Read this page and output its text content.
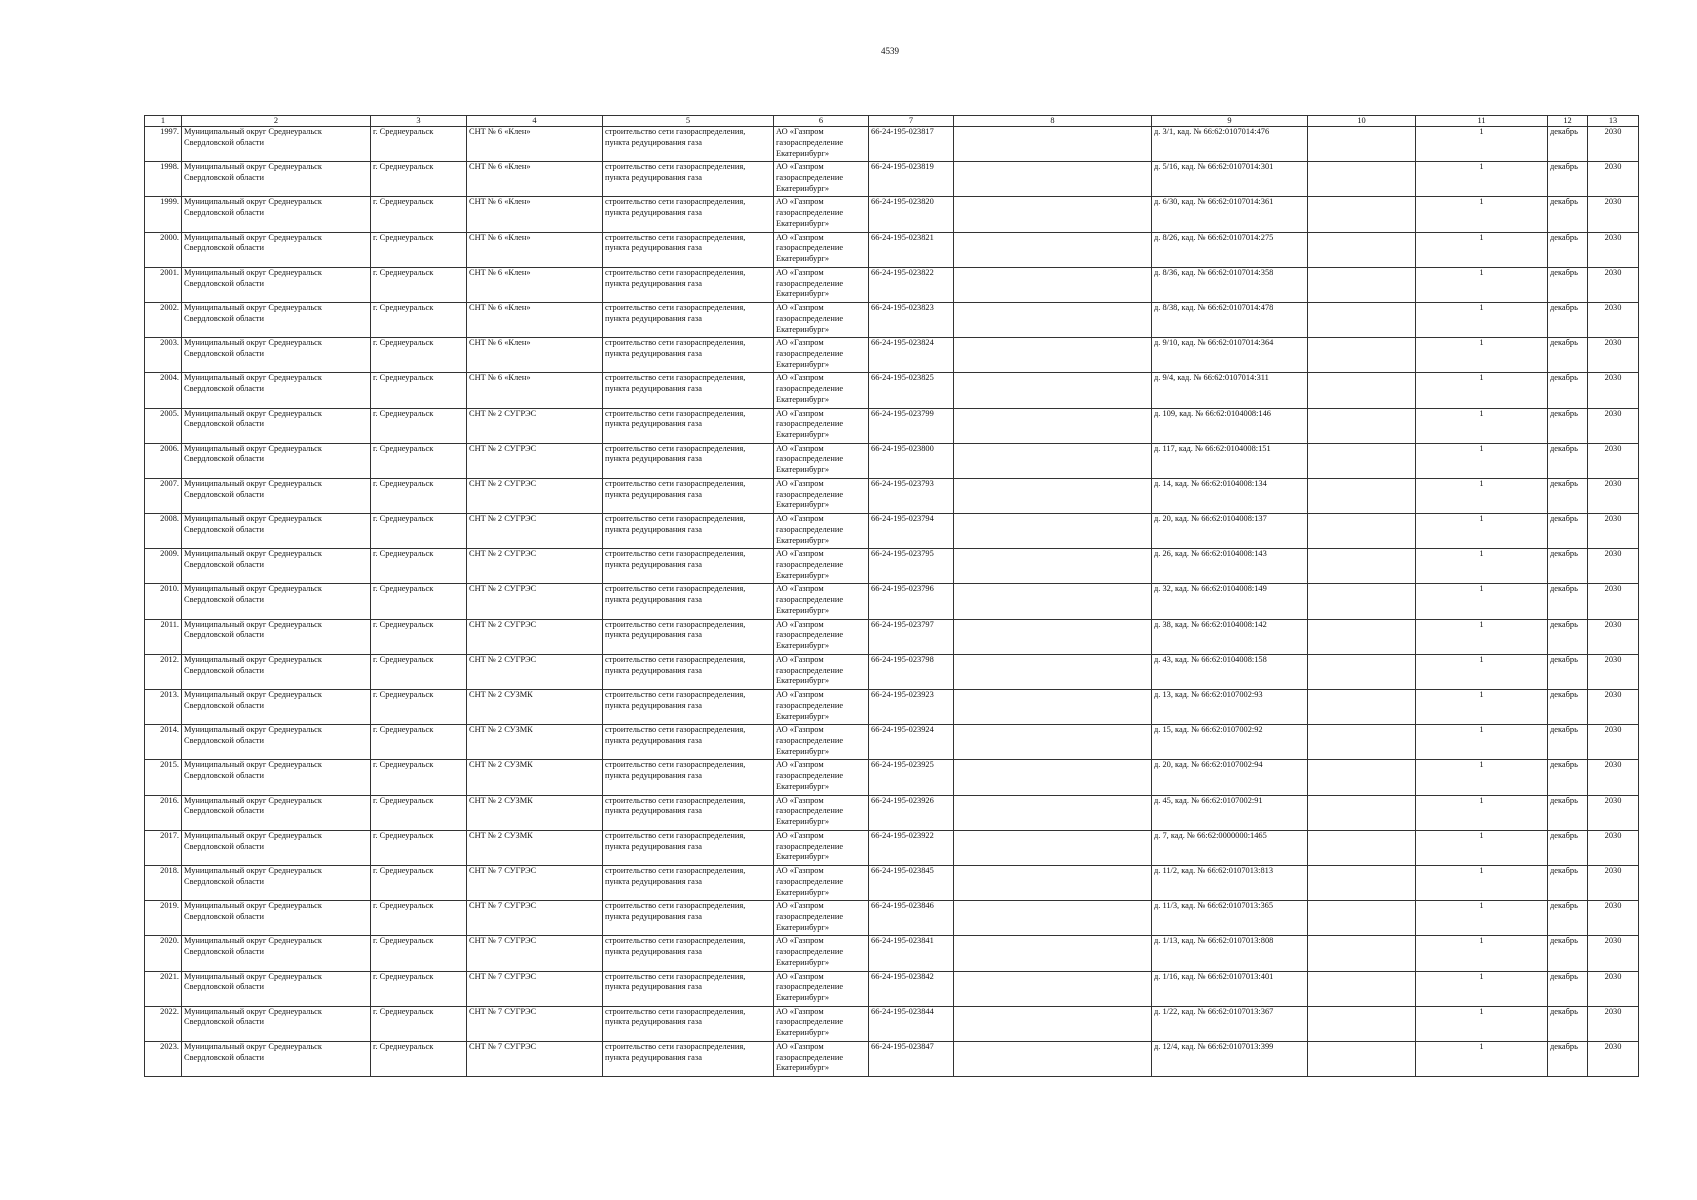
4539
1	2	3	4	5	6	7	8	9	10	11	12	13
1997.	Муниципальный округ Среднеуральск Свердловской области	г. Среднеуральск	СНТ № 6 «Клен»	строительство сети газораспределения, пункта редуцирования газа	АО «Газпром газораспределение Екатеринбург»	66-24-195-023817		д. 3/1, кад. № 66:62:0107014:476		1	декабрь	2030
1998.	Муниципальный округ Среднеуральск Свердловской области	г. Среднеуральск	СНТ № 6 «Клен»	строительство сети газораспределения, пункта редуцирования газа	АО «Газпром газораспределение Екатеринбург»	66-24-195-023819		д. 5/16, кад. № 66:62:0107014:301		1	декабрь	2030
1999.	Муниципальный округ Среднеуральск Свердловской области	г. Среднеуральск	СНТ № 6 «Клен»	строительство сети газораспределения, пункта редуцирования газа	АО «Газпром газораспределение Екатеринбург»	66-24-195-023820		д. 6/30, кад. № 66:62:0107014:361		1	декабрь	2030
2000.	Муниципальный округ Среднеуральск Свердловской области	г. Среднеуральск	СНТ № 6 «Клен»	строительство сети газораспределения, пункта редуцирования газа	АО «Газпром газораспределение Екатеринбург»	66-24-195-023821		д. 8/26, кад. № 66:62:0107014:275		1	декабрь	2030
2001.	Муниципальный округ Среднеуральск Свердловской области	г. Среднеуральск	СНТ № 6 «Клен»	строительство сети газораспределения, пункта редуцирования газа	АО «Газпром газораспределение Екатеринбург»	66-24-195-023822		д. 8/36, кад. № 66:62:0107014:358		1	декабрь	2030
2002.	Муниципальный округ Среднеуральск Свердловской области	г. Среднеуральск	СНТ № 6 «Клен»	строительство сети газораспределения, пункта редуцирования газа	АО «Газпром газораспределение Екатеринбург»	66-24-195-023823		д. 8/38, кад. № 66:62:0107014:478		1	декабрь	2030
2003.	Муниципальный округ Среднеуральск Свердловской области	г. Среднеуральск	СНТ № 6 «Клен»	строительство сети газораспределения, пункта редуцирования газа	АО «Газпром газораспределение Екатеринбург»	66-24-195-023824		д. 9/10, кад. № 66:62:0107014:364		1	декабрь	2030
2004.	Муниципальный округ Среднеуральск Свердловской области	г. Среднеуральск	СНТ № 6 «Клен»	строительство сети газораспределения, пункта редуцирования газа	АО «Газпром газораспределение Екатеринбург»	66-24-195-023825		д. 9/4, кад. № 66:62:0107014:311		1	декабрь	2030
2005.	Муниципальный округ Среднеуральск Свердловской области	г. Среднеуральск	СНТ № 2 СУГРЭС	строительство сети газораспределения, пункта редуцирования газа	АО «Газпром газораспределение Екатеринбург»	66-24-195-023799		д. 109, кад. № 66:62:0104008:146		1	декабрь	2030
2006.	Муниципальный округ Среднеуральск Свердловской области	г. Среднеуральск	СНТ № 2 СУГРЭС	строительство сети газораспределения, пункта редуцирования газа	АО «Газпром газораспределение Екатеринбург»	66-24-195-023800		д. 117, кад. № 66:62:0104008:151		1	декабрь	2030
2007.	Муниципальный округ Среднеуральск Свердловской области	г. Среднеуральск	СНТ № 2 СУГРЭС	строительство сети газораспределения, пункта редуцирования газа	АО «Газпром газораспределение Екатеринбург»	66-24-195-023793		д. 14, кад. № 66:62:0104008:134		1	декабрь	2030
2008.	Муниципальный округ Среднеуральск Свердловской области	г. Среднеуральск	СНТ № 2 СУГРЭС	строительство сети газораспределения, пункта редуцирования газа	АО «Газпром газораспределение Екатеринбург»	66-24-195-023794		д. 20, кад. № 66:62:0104008:137		1	декабрь	2030
2009.	Муниципальный округ Среднеуральск Свердловской области	г. Среднеуральск	СНТ № 2 СУГРЭС	строительство сети газораспределения, пункта редуцирования газа	АО «Газпром газораспределение Екатеринбург»	66-24-195-023795		д. 26, кад. № 66:62:0104008:143		1	декабрь	2030
2010.	Муниципальный округ Среднеуральск Свердловской области	г. Среднеуральск	СНТ № 2 СУГРЭС	строительство сети газораспределения, пункта редуцирования газа	АО «Газпром газораспределение Екатеринбург»	66-24-195-023796		д. 32, кад. № 66:62:0104008:149		1	декабрь	2030
2011.	Муниципальный округ Среднеуральск Свердловской области	г. Среднеуральск	СНТ № 2 СУГРЭС	строительство сети газораспределения, пункта редуцирования газа	АО «Газпром газораспределение Екатеринбург»	66-24-195-023797		д. 38, кад. № 66:62:0104008:142		1	декабрь	2030
2012.	Муниципальный округ Среднеуральск Свердловской области	г. Среднеуральск	СНТ № 2 СУГРЭС	строительство сети газораспределения, пункта редуцирования газа	АО «Газпром газораспределение Екатеринбург»	66-24-195-023798		д. 43, кад. № 66:62:0104008:158		1	декабрь	2030
2013.	Муниципальный округ Среднеуральск Свердловской области	г. Среднеуральск	СНТ № 2 СУЗМК	строительство сети газораспределения, пункта редуцирования газа	АО «Газпром газораспределение Екатеринбург»	66-24-195-023923		д. 13, кад. № 66:62:0107002:93		1	декабрь	2030
2014.	Муниципальный округ Среднеуральск Свердловской области	г. Среднеуральск	СНТ № 2 СУЗМК	строительство сети газораспределения, пункта редуцирования газа	АО «Газпром газораспределение Екатеринбург»	66-24-195-023924		д. 15, кад. № 66:62:0107002:92		1	декабрь	2030
2015.	Муниципальный округ Среднеуральск Свердловской области	г. Среднеуральск	СНТ № 2 СУЗМК	строительство сети газораспределения, пункта редуцирования газа	АО «Газпром газораспределение Екатеринбург»	66-24-195-023925		д. 20, кад. № 66:62:0107002:94		1	декабрь	2030
2016.	Муниципальный округ Среднеуральск Свердловской области	г. Среднеуральск	СНТ № 2 СУЗМК	строительство сети газораспределения, пункта редуцирования газа	АО «Газпром газораспределение Екатеринбург»	66-24-195-023926		д. 45, кад. № 66:62:0107002:91		1	декабрь	2030
2017.	Муниципальный округ Среднеуральск Свердловской области	г. Среднеуральск	СНТ № 2 СУЗМК	строительство сети газораспределения, пункта редуцирования газа	АО «Газпром газораспределение Екатеринбург»	66-24-195-023922		д. 7, кад. № 66:62:0000000:1465		1	декабрь	2030
2018.	Муниципальный округ Среднеуральск Свердловской области	г. Среднеуральск	СНТ № 7 СУГРЭС	строительство сети газораспределения, пункта редуцирования газа	АО «Газпром газораспределение Екатеринбург»	66-24-195-023845		д. 11/2, кад. № 66:62:0107013:813		1	декабрь	2030
2019.	Муниципальный округ Среднеуральск Свердловской области	г. Среднеуральск	СНТ № 7 СУГРЭС	строительство сети газораспределения, пункта редуцирования газа	АО «Газпром газораспределение Екатеринбург»	66-24-195-023846		д. 11/3, кад. № 66:62:0107013:365		1	декабрь	2030
2020.	Муниципальный округ Среднеуральск Свердловской области	г. Среднеуральск	СНТ № 7 СУГРЭС	строительство сети газораспределения, пункта редуцирования газа	АО «Газпром газораспределение Екатеринбург»	66-24-195-023841		д. 1/13, кад. № 66:62:0107013:808		1	декабрь	2030
2021.	Муниципальный округ Среднеуральск Свердловской области	г. Среднеуральск	СНТ № 7 СУГРЭС	строительство сети газораспределения, пункта редуцирования газа	АО «Газпром газораспределение Екатеринбург»	66-24-195-023842		д. 1/16, кад. № 66:62:0107013:401		1	декабрь	2030
2022.	Муниципальный округ Среднеуральск Свердловской области	г. Среднеуральск	СНТ № 7 СУГРЭС	строительство сети газораспределения, пункта редуцирования газа	АО «Газпром газораспределение Екатеринбург»	66-24-195-023844		д. 1/22, кад. № 66:62:0107013:367		1	декабрь	2030
2023.	Муниципальный округ Среднеуральск Свердловской области	г. Среднеуральск	СНТ № 7 СУГРЭС	строительство сети газораспределения, пункта редуцирования газа	АО «Газпром газораспределение Екатеринбург»	66-24-195-023847		д. 12/4, кад. № 66:62:0107013:399		1	декабрь	2030
